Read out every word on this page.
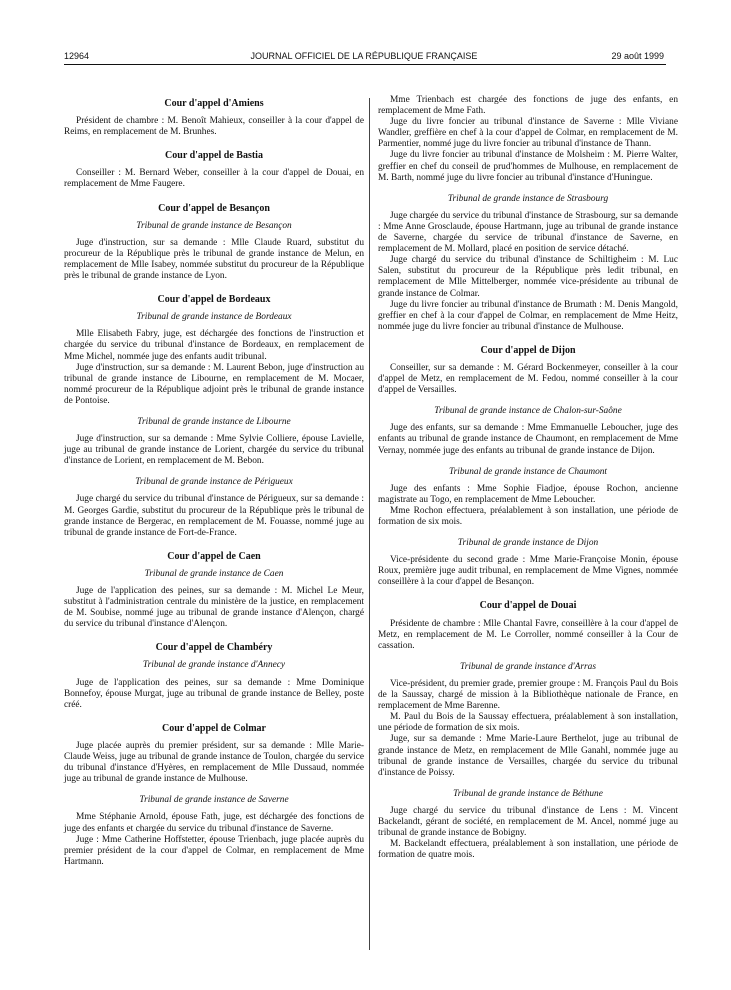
12964	JOURNAL OFFICIEL DE LA RÉPUBLIQUE FRANÇAISE	29 août 1999
Cour d'appel d'Amiens

Président de chambre : M. Benoît Mahieux, conseiller à la cour d'appel de Reims, en remplacement de M. Brunhes.

Cour d'appel de Bastia

Conseiller : M. Bernard Weber, conseiller à la cour d'appel de Douai, en remplacement de Mme Faugere.

Cour d'appel de Besançon
Tribunal de grande instance de Besançon

Juge d'instruction, sur sa demande : Mlle Claude Ruard, substitut du procureur de la République près le tribunal de grande instance de Melun, en remplacement de Mlle Isabey, nommée substitut du procureur de la République près le tribunal de grande instance de Lyon.

Cour d'appel de Bordeaux
Tribunal de grande instance de Bordeaux

Mlle Elisabeth Fabry, juge, est déchargée des fonctions de l'instruction et chargée du service du tribunal d'instance de Bordeaux, en remplacement de Mme Michel, nommée juge des enfants audit tribunal.

Juge d'instruction, sur sa demande : M. Laurent Bebon, juge d'instruction au tribunal de grande instance de Libourne, en remplacement de M. Mocaer, nommé procureur de la République adjoint près le tribunal de grande instance de Pontoise.

Tribunal de grande instance de Libourne

Juge d'instruction, sur sa demande : Mme Sylvie Colliere, épouse Lavielle, juge au tribunal de grande instance de Lorient, chargée du service du tribunal d'instance de Lorient, en remplacement de M. Bebon.

Tribunal de grande instance de Périgueux

Juge chargé du service du tribunal d'instance de Périgueux, sur sa demande : M. Georges Gardie, substitut du procureur de la République près le tribunal de grande instance de Bergerac, en remplacement de M. Fouasse, nommé juge au tribunal de grande instance de Fort-de-France.

Cour d'appel de Caen
Tribunal de grande instance de Caen

Juge de l'application des peines, sur sa demande : M. Michel Le Meur, substitut à l'administration centrale du ministère de la justice, en remplacement de M. Soubise, nommé juge au tribunal de grande instance d'Alençon, chargé du service du tribunal d'instance d'Alençon.

Cour d'appel de Chambéry
Tribunal de grande instance d'Annecy

Juge de l'application des peines, sur sa demande : Mme Dominique Bonnefoy, épouse Murgat, juge au tribunal de grande instance de Belley, poste créé.

Cour d'appel de Colmar

Juge placée auprès du premier président, sur sa demande : Mlle Marie-Claude Weiss, juge au tribunal de grande instance de Toulon, chargée du service du tribunal d'instance d'Hyères, en remplacement de Mlle Dussaud, nommée juge au tribunal de grande instance de Mulhouse.

Tribunal de grande instance de Saverne

Mme Stéphanie Arnold, épouse Fath, juge, est déchargée des fonctions de juge des enfants et chargée du service du tribunal d'instance de Saverne.

Juge : Mme Catherine Hoffstetter, épouse Trienbach, juge placée auprès du premier président de la cour d'appel de Colmar, en remplacement de Mme Hartmann.

Mme Trienbach est chargée des fonctions de juge des enfants, en remplacement de Mme Fath.

Juge du livre foncier au tribunal d'instance de Saverne : Mlle Viviane Wandler, greffière en chef à la cour d'appel de Colmar, en remplacement de M. Parmentier, nommé juge du livre foncier au tribunal d'instance de Thann.

Juge du livre foncier au tribunal d'instance de Molsheim : M. Pierre Walter, greffier en chef du conseil de prud'hommes de Mulhouse, en remplacement de M. Barth, nommé juge du livre foncier au tribunal d'instance d'Huningue.

Tribunal de grande instance de Strasbourg

Juge chargée du service du tribunal d'instance de Strasbourg, sur sa demande : Mme Anne Grosclaude, épouse Hartmann, juge au tribunal de grande instance de Saverne, chargée du service de tribunal d'instance de Saverne, en remplacement de M. Mollard, placé en position de service détaché.

Juge chargé du service du tribunal d'instance de Schiltigheim : M. Luc Salen, substitut du procureur de la République près ledit tribunal, en remplacement de Mlle Mittelberger, nommée vice-présidente au tribunal de grande instance de Colmar.

Juge du livre foncier au tribunal d'instance de Brumath : M. Denis Mangold, greffier en chef à la cour d'appel de Colmar, en remplacement de Mme Heitz, nommée juge du livre foncier au tribunal d'instance de Mulhouse.

Cour d'appel de Dijon

Conseiller, sur sa demande : M. Gérard Bockenmeyer, conseiller à la cour d'appel de Metz, en remplacement de M. Fedou, nommé conseiller à la cour d'appel de Versailles.

Tribunal de grande instance de Chalon-sur-Saône

Juge des enfants, sur sa demande : Mme Emmanuelle Leboucher, juge des enfants au tribunal de grande instance de Chaumont, en remplacement de Mme Vernay, nommée juge des enfants au tribunal de grande instance de Dijon.

Tribunal de grande instance de Chaumont

Juge des enfants : Mme Sophie Fiadjoe, épouse Rochon, ancienne magistrate au Togo, en remplacement de Mme Leboucher.

Mme Rochon effectuera, préalablement à son installation, une période de formation de six mois.

Tribunal de grande instance de Dijon

Vice-présidente du second grade : Mme Marie-Françoise Monin, épouse Roux, première juge audit tribunal, en remplacement de Mme Vignes, nommée conseillère à la cour d'appel de Besançon.

Cour d'appel de Douai

Présidente de chambre : Mlle Chantal Favre, conseillère à la cour d'appel de Metz, en remplacement de M. Le Corroller, nommé conseiller à la Cour de cassation.

Tribunal de grande instance d'Arras

Vice-président, du premier grade, premier groupe : M. François Paul du Bois de la Saussay, chargé de mission à la Bibliothèque nationale de France, en remplacement de Mme Barenne.

M. Paul du Bois de la Saussay effectuera, préalablement à son installation, une période de formation de six mois.

Juge, sur sa demande : Mme Marie-Laure Berthelot, juge au tribunal de grande instance de Metz, en remplacement de Mlle Ganahl, nommée juge au tribunal de grande instance de Versailles, chargée du service du tribunal d'instance de Poissy.

Tribunal de grande instance de Béthune

Juge chargé du service du tribunal d'instance de Lens : M. Vincent Backelandt, gérant de société, en remplacement de M. Ancel, nommé juge au tribunal de grande instance de Bobigny.

M. Backelandt effectuera, préalablement à son installation, une période de formation de quatre mois.
